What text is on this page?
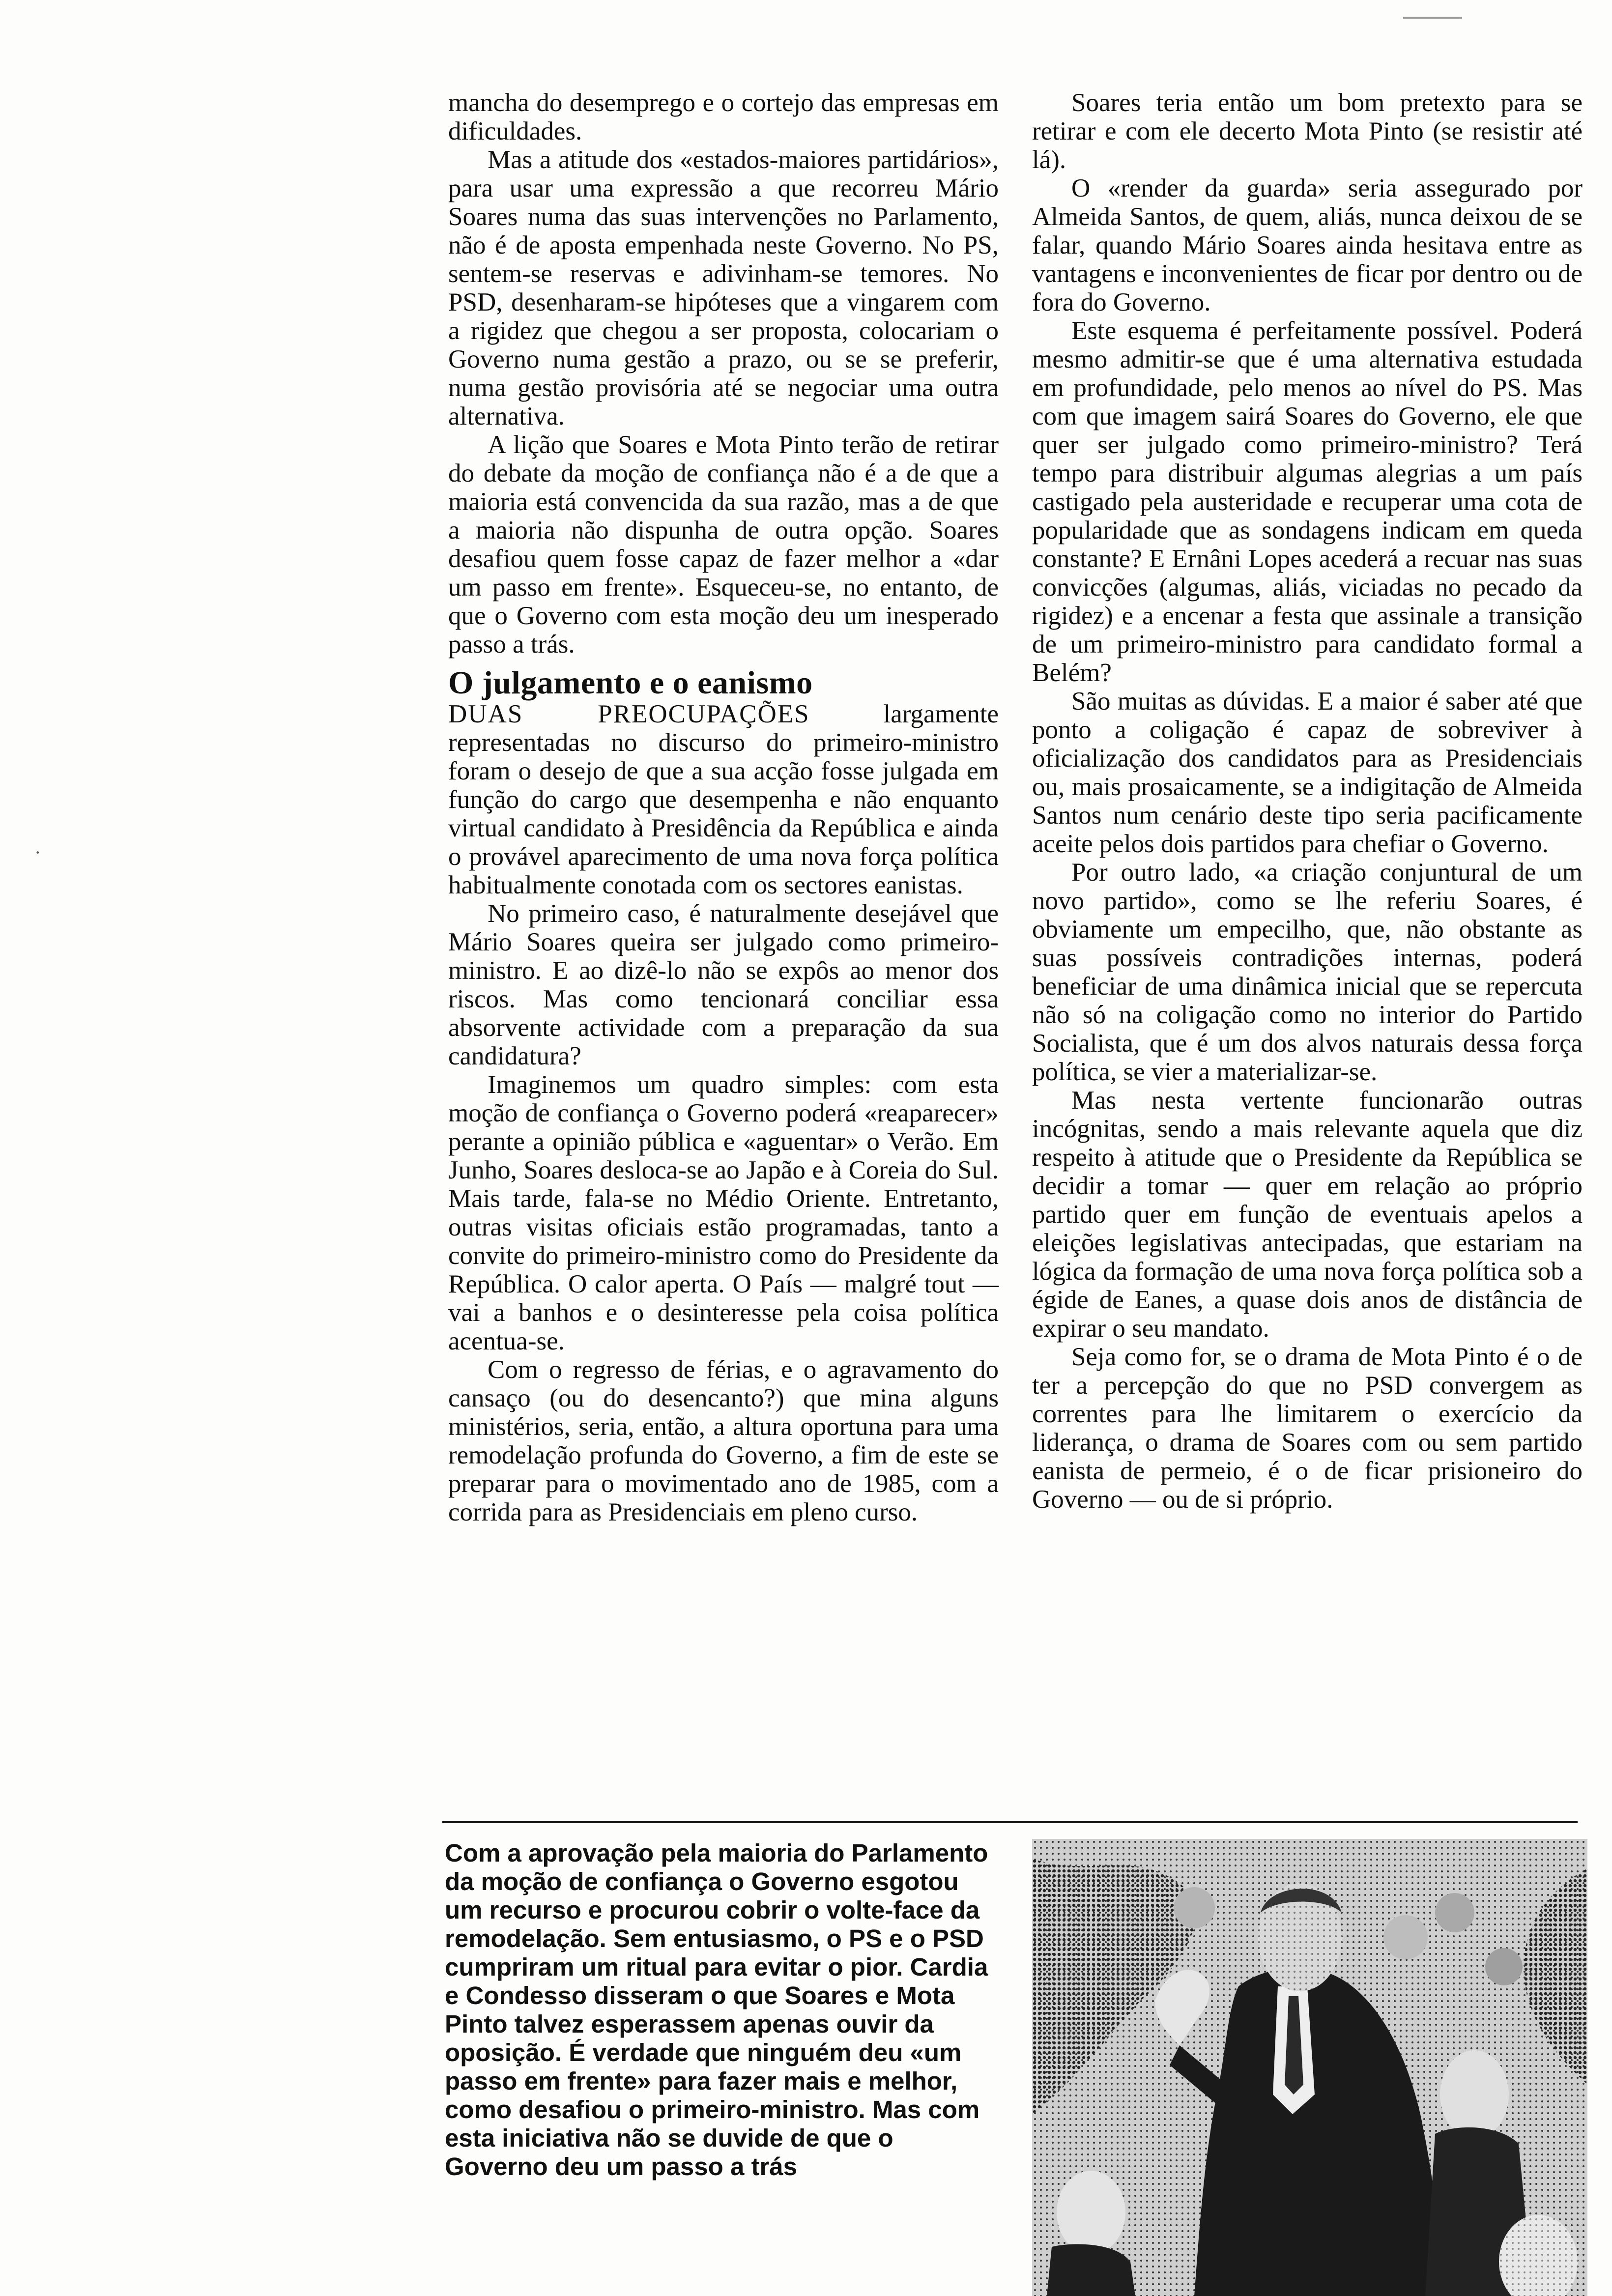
·

mancha do desemprego e o cortejo das empresas em dificuldades.

Mas a atitude dos «estados-maiores partidários», para usar uma expressão a que recorreu Mário Soares numa das suas intervenções no Parlamento, não é de aposta empenhada neste Governo. No PS, sentem-se reservas e adivinham-se temores. No PSD, desenharam-se hipóteses que a vingarem com a rigidez que chegou a ser proposta, colocariam o Governo numa gestão a prazo, ou se se preferir, numa gestão provisória até se negociar uma outra alternativa.

A lição que Soares e Mota Pinto terão de retirar do debate da moção de confiança não é a de que a maioria está convencida da sua razão, mas a de que a maioria não dispunha de outra opção. Soares desafiou quem fosse capaz de fazer melhor a «dar um passo em frente». Esqueceu-se, no entanto, de que o Governo com esta moção deu um inesperado passo a trás.

O julgamento e o eanismo

DUAS PREOCUPAÇÕES	largamente representadas no discurso do primeiro-ministro foram o desejo de que a sua acção fosse julgada em função do cargo que desempenha e não enquanto virtual candidato à Presidência da República e ainda o provável aparecimento de uma nova força política habitualmente conotada com os sectores eanistas.

No primeiro caso, é naturalmente desejável que Mário Soares queira ser julgado como primeiro-ministro. E ao dizê-lo não se expôs ao menor dos riscos. Mas como tencionará conciliar essa absorvente actividade com a preparação da sua candidatura?

Imaginemos um quadro simples: com esta moção de confiança o Governo poderá «reaparecer» perante a opinião pública e «aguentar» o Verão. Em Junho, Soares desloca-se ao Japão e à Coreia do Sul. Mais tarde, fala-se no Médio Oriente. Entretanto, outras visitas oficiais estão programadas, tanto a convite do primeiro-ministro como do Presidente da República. O calor aperta. O País — malgré tout — vai a banhos e o desinteresse pela coisa política acentua-se.

Com o regresso de férias, e o agravamento do cansaço (ou do desencanto?) que mina alguns ministérios, seria, então, a altura oportuna para uma remodelação profunda do Governo, a fim de este se preparar para o movimentado ano de 1985, com a corrida para as Presidenciais em pleno curso.

Soares teria então um bom pretexto para se retirar e com ele decerto Mota Pinto (se resistir até lá).

O «render da guarda» seria assegurado por Almeida Santos, de quem, aliás, nunca deixou de se falar, quando Mário Soares ainda hesitava entre as vantagens e inconvenientes de ficar por dentro ou de fora do Governo.

Este esquema é perfeitamente possível. Poderá mesmo admitir-se que é uma alternativa estudada em profundidade, pelo menos ao nível do PS. Mas com que imagem sairá Soares do Governo, ele que quer ser julgado como primeiro-ministro? Terá tempo para distribuir algumas alegrias a um país castigado pela austeridade e recuperar uma cota de popularidade que as sondagens indicam em queda constante? E Ernâni Lopes acederá a recuar nas suas convicções (algumas, aliás, viciadas no pecado da rigidez) e a encenar a festa que assinale a transição de um primeiro-ministro para candidato formal a Belém?

São muitas as dúvidas. E a maior é saber até que ponto a coligação é capaz de sobreviver à oficialização dos candidatos para as Presidenciais ou, mais prosaicamente, se a indigitação de Almeida Santos num cenário deste tipo seria pacificamente aceite pelos dois partidos para chefiar o Governo.

Por outro lado, «a criação conjuntural de um novo partido», como se lhe referiu Soares, é obviamente um empecilho, que, não obstante as suas possíveis contradições internas, poderá beneficiar de uma dinâmica inicial que se repercuta não só na coligação como no interior do Partido Socialista, que é um dos alvos naturais dessa força política, se vier a materializar-se.

Mas nesta vertente funcionarão outras incógnitas, sendo a mais relevante aquela que diz respeito à atitude que o Presidente da República se decidir a tomar — quer em relação ao próprio partido quer em função de eventuais apelos a eleições legislativas antecipadas, que estariam na lógica da formação de uma nova força política sob a égide de Eanes, a quase dois anos de distância de expirar o seu mandato.

Seja como for, se o drama de Mota Pinto é o de ter a percepção do que no PSD convergem as correntes para lhe limitarem o exercício da liderança, o drama de Soares com ou sem partido eanista de permeio, é o de ficar prisioneiro do Governo — ou de si próprio.

Com a aprovação pela maioria do Parlamento da moção de confiança o Governo esgotou um recurso e procurou cobrir o volte-face da remodelação. Sem entusiasmo, o PS e o PSD cumpriram um ritual para evitar o pior. Cardia e Condesso disseram o que Soares e Mota Pinto talvez esperassem apenas ouvir da oposição. É verdade que ninguém deu «um passo em frente» para fazer mais e melhor, como desafiou o primeiro-ministro. Mas com esta iniciativa não se duvide de que o Governo deu um passo a trás
